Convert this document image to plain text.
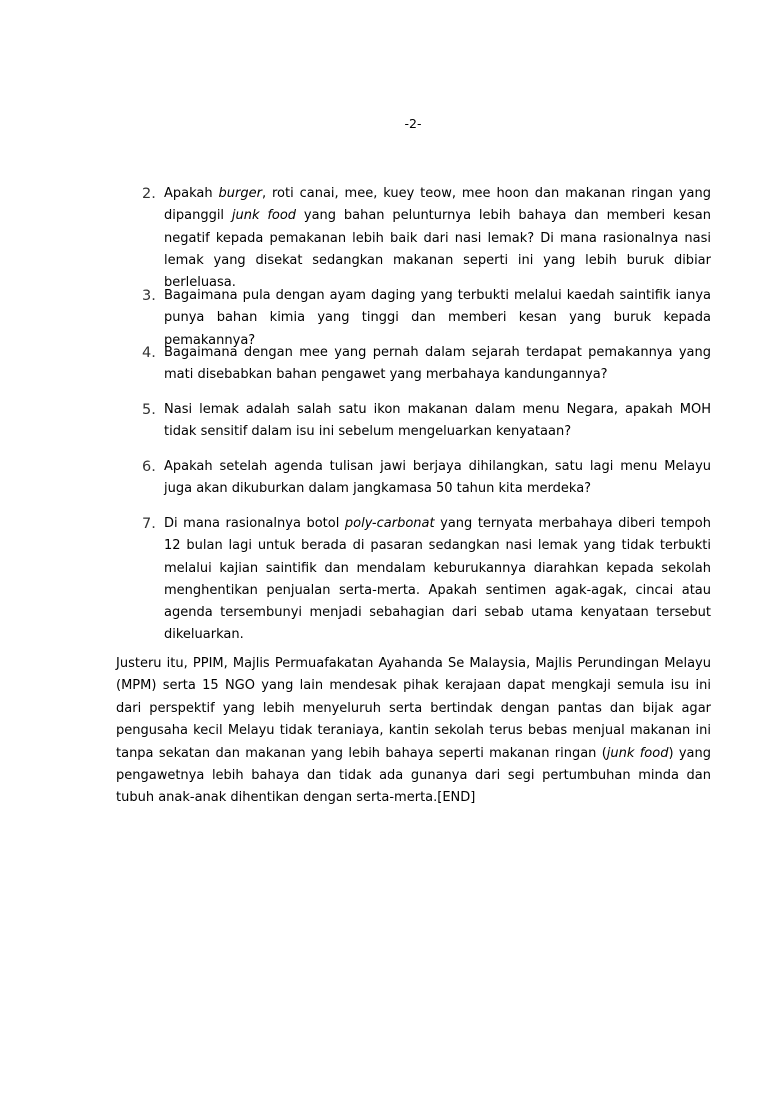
-2-
2. Apakah burger, roti canai, mee, kuey teow, mee hoon dan makanan ringan yang dipanggil junk food yang bahan pelunturnya lebih bahaya dan memberi kesan negatif kepada pemakanan lebih baik dari nasi lemak? Di mana rasionalnya nasi lemak yang disekat sedangkan makanan seperti ini yang lebih buruk dibiar berleluasa.

3. Bagaimana pula dengan ayam daging yang terbukti melalui kaedah saintifik ianya punya bahan kimia yang tinggi dan memberi kesan yang buruk kepada pemakannya?

4. Bagaimana dengan mee yang pernah dalam sejarah terdapat pemakannya yang mati disebabkan bahan pengawet yang merbahaya kandungannya?

5. Nasi lemak adalah salah satu ikon makanan dalam menu Negara, apakah MOH tidak sensitif dalam isu ini sebelum mengeluarkan kenyataan?

6. Apakah setelah agenda tulisan jawi berjaya dihilangkan, satu lagi menu Melayu juga akan dikuburkan dalam jangkamasa 50 tahun kita merdeka?

7. Di mana rasionalnya botol poly-carbonat yang ternyata merbahaya diberi tempoh 12 bulan lagi untuk berada di pasaran sedangkan nasi lemak yang tidak terbukti melalui kajian saintifik dan mendalam keburukannya diarahkan kepada sekolah menghentikan penjualan serta-merta. Apakah sentimen agak-agak, cincai atau agenda tersembunyi menjadi sebahagian dari sebab utama kenyataan tersebut dikeluarkan.

Justeru itu, PPIM, Majlis Permuafakatan Ayahanda Se Malaysia, Majlis Perundingan Melayu (MPM) serta 15 NGO yang lain mendesak pihak kerajaan dapat mengkaji semula isu ini dari perspektif yang lebih menyeluruh serta bertindak dengan pantas dan bijak agar pengusaha kecil Melayu tidak teraniaya, kantin sekolah terus bebas menjual makanan ini tanpa sekatan dan makanan yang lebih bahaya seperti makanan ringan (junk food) yang pengawetnya lebih bahaya dan tidak ada gunanya dari segi pertumbuhan minda dan tubuh anak-anak dihentikan dengan serta-merta.[END]
